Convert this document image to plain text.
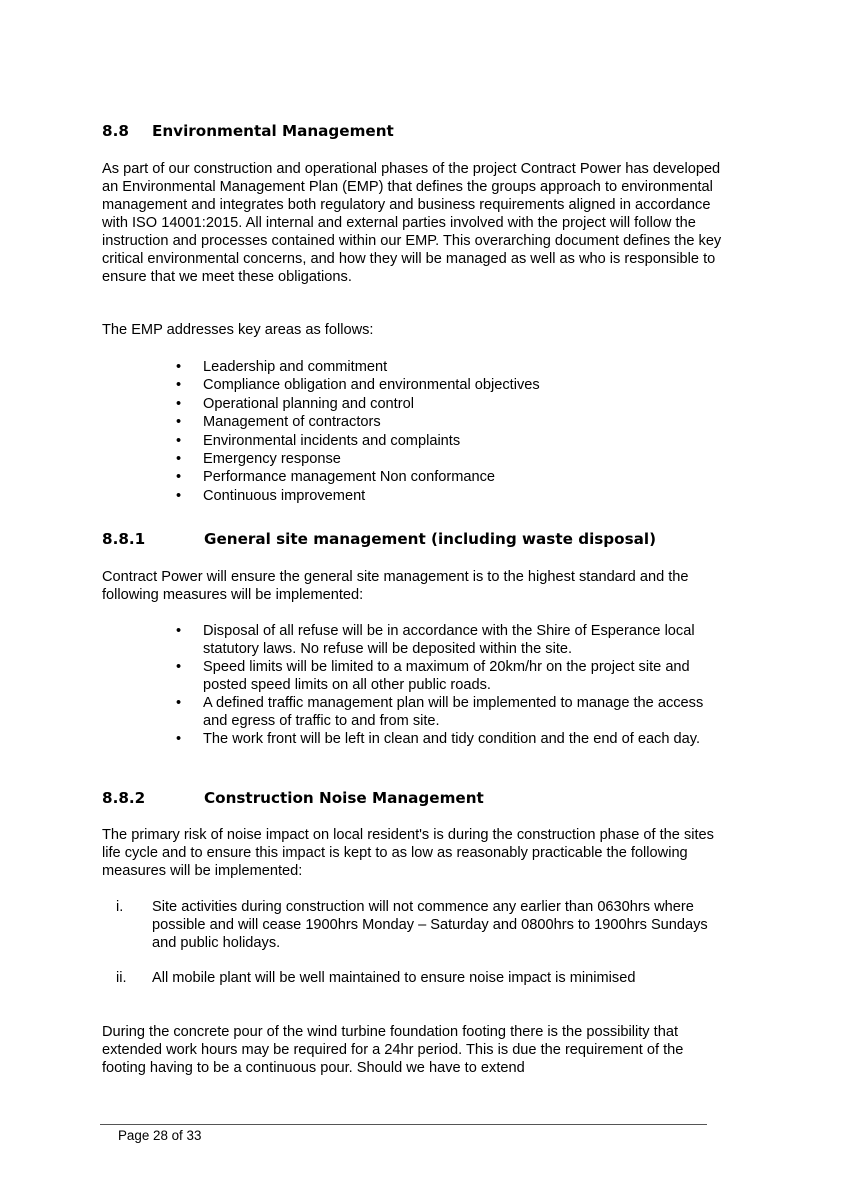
8.8 Environmental Management

As part of our construction and operational phases of the project Contract Power has developed an Environmental Management Plan (EMP) that defines the groups approach to environmental management and integrates both regulatory and business requirements aligned in accordance with ISO 14001:2015. All internal and external parties involved with the project will follow the instruction and processes contained within our EMP. This overarching document defines the key critical environmental concerns, and how they will be managed as well as who is responsible to ensure that we meet these obligations.

The EMP addresses key areas as follows:

• Leadership and commitment
• Compliance obligation and environmental objectives
• Operational planning and control
• Management of contractors
• Environmental incidents and complaints
• Emergency response
• Performance management Non conformance
• Continuous improvement
8.8.1	General site management (including waste disposal)

Contract Power will ensure the general site management is to the highest standard and the following measures will be implemented:

• Disposal of all refuse will be in accordance with the Shire of Esperance local statutory laws. No refuse will be deposited within the site.
• Speed limits will be limited to a maximum of 20km/hr on the project site and posted speed limits on all other public roads.
• A defined traffic management plan will be implemented to manage the access and egress of traffic to and from site.
• The work front will be left in clean and tidy condition and the end of each day.
8.8.2	Construction Noise Management

The primary risk of noise impact on local resident's is during the construction phase of the sites life cycle and to ensure this impact is kept to as low as reasonably practicable the following measures will be implemented:

i. Site activities during construction will not commence any earlier than 0630hrs where possible and will cease 1900hrs Monday – Saturday and 0800hrs to 1900hrs Sundays and public holidays.
ii. All mobile plant will be well maintained to ensure noise impact is minimised

During the concrete pour of the wind turbine foundation footing there is the possibility that extended work hours may be required for a 24hr period. This is due the requirement of the footing having to be a continuous pour. Should we have to extend

Page 28 of 33
